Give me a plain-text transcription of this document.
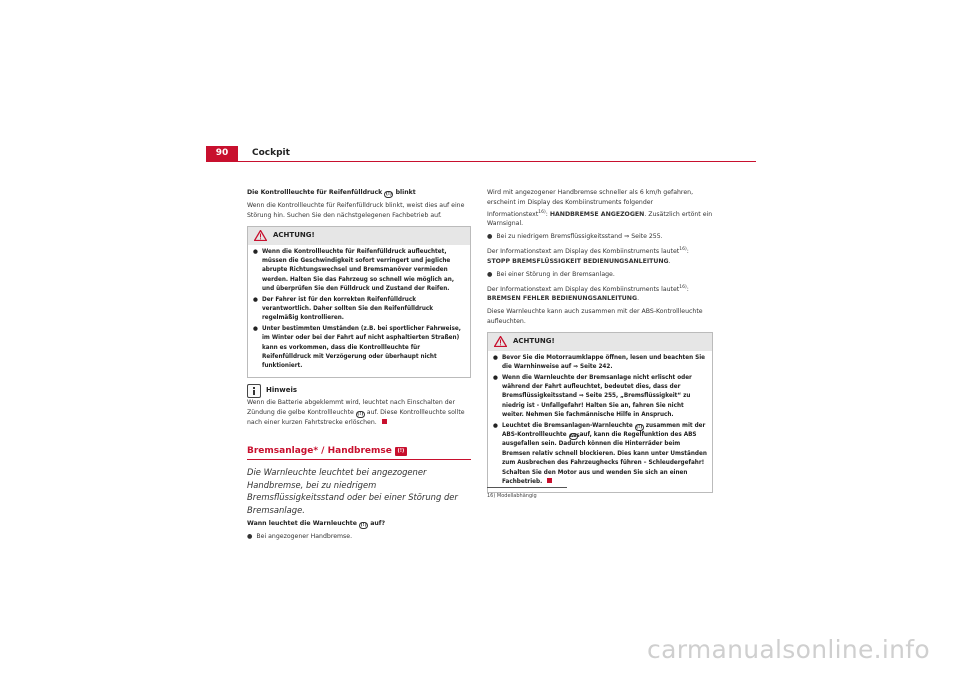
90	Cockpit

Die Kontrollleuchte für Reifenfülldruck (!) blinkt

Wenn die Kontrollleuchte für Reifenfülldruck blinkt, weist dies auf eine Störung hin. Suchen Sie den nächstgelegenen Fachbetrieb auf.

ACHTUNG!
● Wenn die Kontrollleuchte für Reifenfülldruck aufleuchtet, müssen die Geschwindigkeit sofort verringert und jegliche abrupte Richtungswechsel und Bremsmanöver vermieden werden. Halten Sie das Fahrzeug so schnell wie möglich an, und überprüfen Sie den Fülldruck und Zustand der Reifen.
● Der Fahrer ist für den korrekten Reifenfülldruck verantwortlich. Daher sollten Sie den Reifenfülldruck regelmäßig kontrollieren.
● Unter bestimmten Umständen (z.B. bei sportlicher Fahrweise, im Winter oder bei der Fahrt auf nicht asphaltierten Straßen) kann es vorkommen, dass die Kontrollleuchte für Reifenfülldruck mit Verzögerung oder überhaupt nicht funktioniert.
Hinweis

Wenn die Batterie abgeklemmt wird, leuchtet nach Einschalten der Zündung die gelbe Kontrollleuchte (!) auf. Diese Kontrollleuchte sollte nach einer kurzen Fahrtstrecke erlöschen.

Bremsanlage* / Handbremse	(!)

Die Warnleuchte leuchtet bei angezogener Handbremse, bei zu niedrigem Bremsflüssigkeitsstand oder bei einer Störung der Bremsanlage.

Wann leuchtet die Warnleuchte (!) auf?

● Bei angezogener Handbremse.

Wird mit angezogener Handbremse schneller als 6 km/h gefahren, erscheint im Display des Kombiinstruments folgender Informationstext$^{16)}$: HANDBREMSE ANGEZOGEN. Zusätzlich ertönt ein Warnsignal.

● Bei zu niedrigem Bremsflüssigkeitsstand ⇒ Seite 255.

Der Informationstext am Display des Kombiinstruments lautet$^{16)}$: STOPP BREMSFLÜSSIGKEIT BEDIENUNGSANLEITUNG.

● Bei einer Störung in der Bremsanlage.

Der Informationstext am Display des Kombiinstruments lautet$^{16)}$: BREMSEN FEHLER BEDIENUNGSANLEITUNG.

Diese Warnleuchte kann auch zusammen mit der ABS-Kontrollleuchte aufleuchten.

ACHTUNG!
● Bevor Sie die Motorraumklappe öffnen, lesen und beachten Sie die Warnhinweise auf ⇒ Seite 242.
● Wenn die Warnleuchte der Bremsanlage nicht erlischt oder während der Fahrt aufleuchtet, bedeutet dies, dass der Bremsflüssigkeitsstand ⇒ Seite 255, „Bremsflüssigkeit“ zu niedrig ist - Unfallgefahr! Halten Sie an, fahren Sie nicht weiter. Nehmen Sie fachmännische Hilfe in Anspruch.
● Leuchtet die Bremsanlagen-Warnleuchte (!) zusammen mit der ABS-Kontrollleuchte ABS auf, kann die Regelfunktion des ABS ausgefallen sein. Dadurch können die Hinterräder beim Bremsen relativ schnell blockieren. Dies kann unter Umständen zum Ausbrechen des Fahrzeughecks führen – Schleudergefahr! Schalten Sie den Motor aus und wenden Sie sich an einen Fachbetrieb.
16) Modellabhängig
carmanualsonline.info
